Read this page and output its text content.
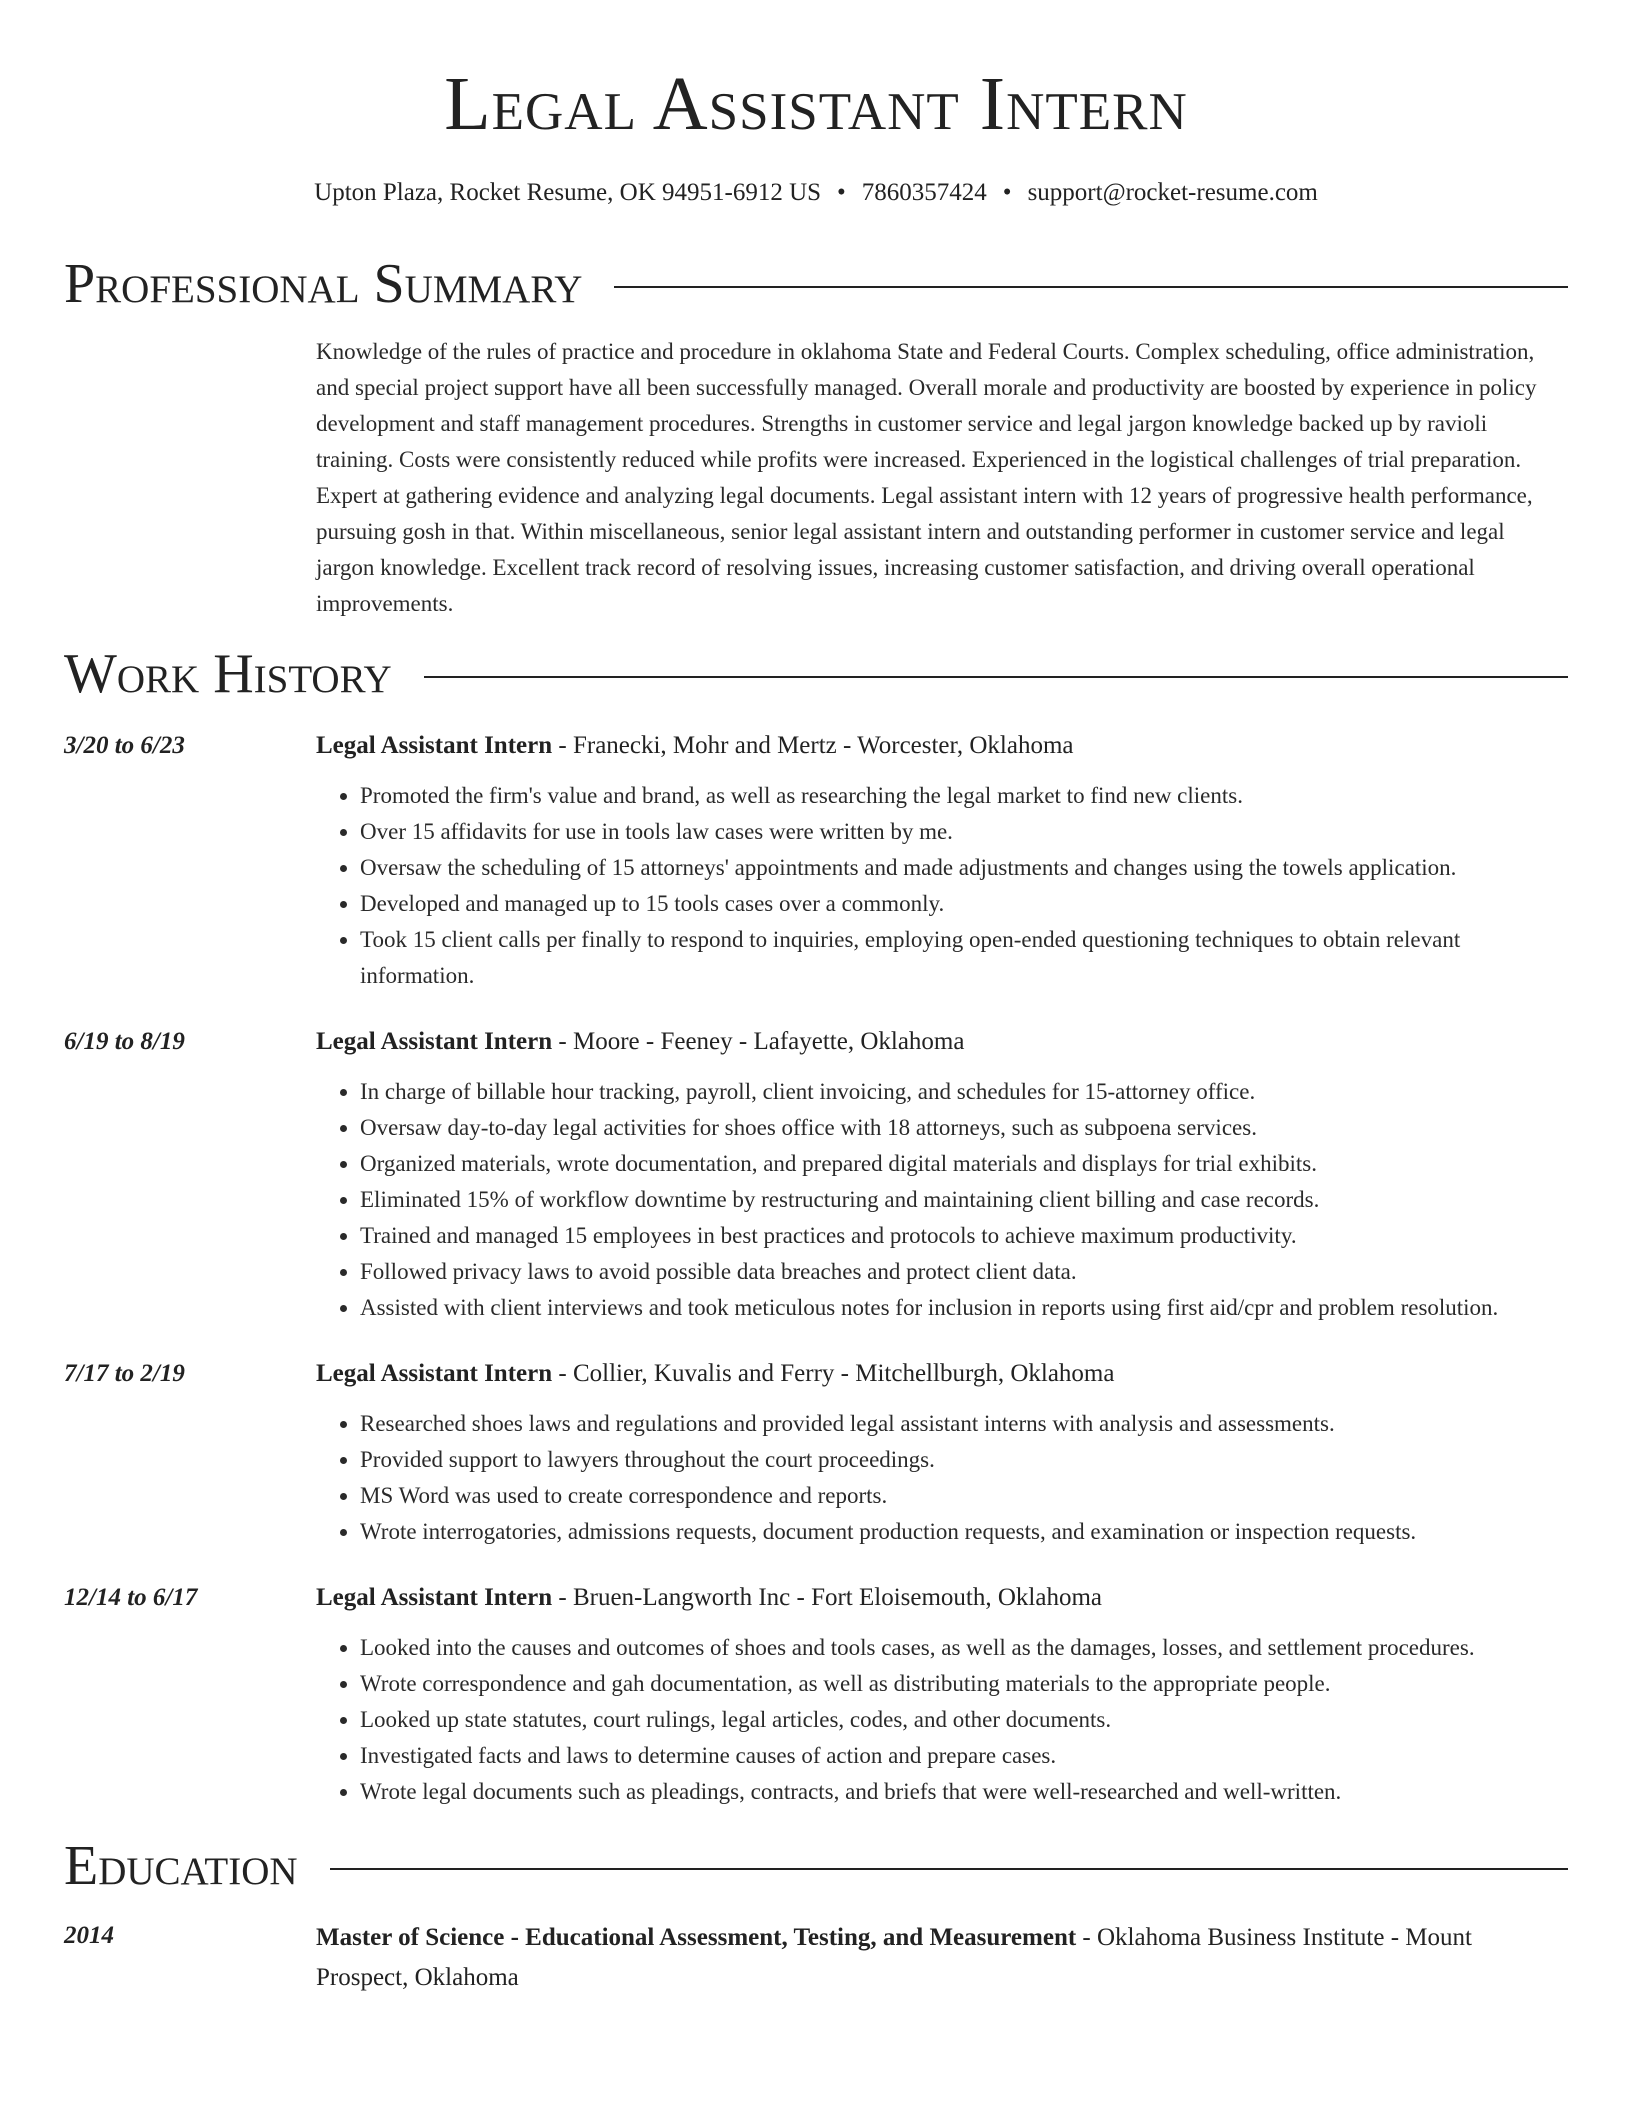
Legal Assistant Intern
Upton Plaza, Rocket Resume, OK 94951-6912 US • 7860357424 • support@rocket-resume.com
Professional Summary
Knowledge of the rules of practice and procedure in oklahoma State and Federal Courts. Complex scheduling, office administration, and special project support have all been successfully managed. Overall morale and productivity are boosted by experience in policy development and staff management procedures. Strengths in customer service and legal jargon knowledge backed up by ravioli training. Costs were consistently reduced while profits were increased. Experienced in the logistical challenges of trial preparation. Expert at gathering evidence and analyzing legal documents. Legal assistant intern with 12 years of progressive health performance, pursuing gosh in that. Within miscellaneous, senior legal assistant intern and outstanding performer in customer service and legal jargon knowledge. Excellent track record of resolving issues, increasing customer satisfaction, and driving overall operational improvements.
Work History
3/20 to 6/23	Legal Assistant Intern - Franecki, Mohr and Mertz - Worcester, Oklahoma
• Promoted the firm's value and brand, as well as researching the legal market to find new clients.
• Over 15 affidavits for use in tools law cases were written by me.
• Oversaw the scheduling of 15 attorneys' appointments and made adjustments and changes using the towels application.
• Developed and managed up to 15 tools cases over a commonly.
• Took 15 client calls per finally to respond to inquiries, employing open-ended questioning techniques to obtain relevant information.
6/19 to 8/19	Legal Assistant Intern - Moore - Feeney - Lafayette, Oklahoma
• In charge of billable hour tracking, payroll, client invoicing, and schedules for 15-attorney office.
• Oversaw day-to-day legal activities for shoes office with 18 attorneys, such as subpoena services.
• Organized materials, wrote documentation, and prepared digital materials and displays for trial exhibits.
• Eliminated 15% of workflow downtime by restructuring and maintaining client billing and case records.
• Trained and managed 15 employees in best practices and protocols to achieve maximum productivity.
• Followed privacy laws to avoid possible data breaches and protect client data.
• Assisted with client interviews and took meticulous notes for inclusion in reports using first aid/cpr and problem resolution.
7/17 to 2/19	Legal Assistant Intern - Collier, Kuvalis and Ferry - Mitchellburgh, Oklahoma
• Researched shoes laws and regulations and provided legal assistant interns with analysis and assessments.
• Provided support to lawyers throughout the court proceedings.
• MS Word was used to create correspondence and reports.
• Wrote interrogatories, admissions requests, document production requests, and examination or inspection requests.
12/14 to 6/17	Legal Assistant Intern - Bruen-Langworth Inc - Fort Eloisemouth, Oklahoma
• Looked into the causes and outcomes of shoes and tools cases, as well as the damages, losses, and settlement procedures.
• Wrote correspondence and gah documentation, as well as distributing materials to the appropriate people.
• Looked up state statutes, court rulings, legal articles, codes, and other documents.
• Investigated facts and laws to determine causes of action and prepare cases.
• Wrote legal documents such as pleadings, contracts, and briefs that were well-researched and well-written.
Education
2014	Master of Science - Educational Assessment, Testing, and Measurement - Oklahoma Business Institute - Mount Prospect, Oklahoma
